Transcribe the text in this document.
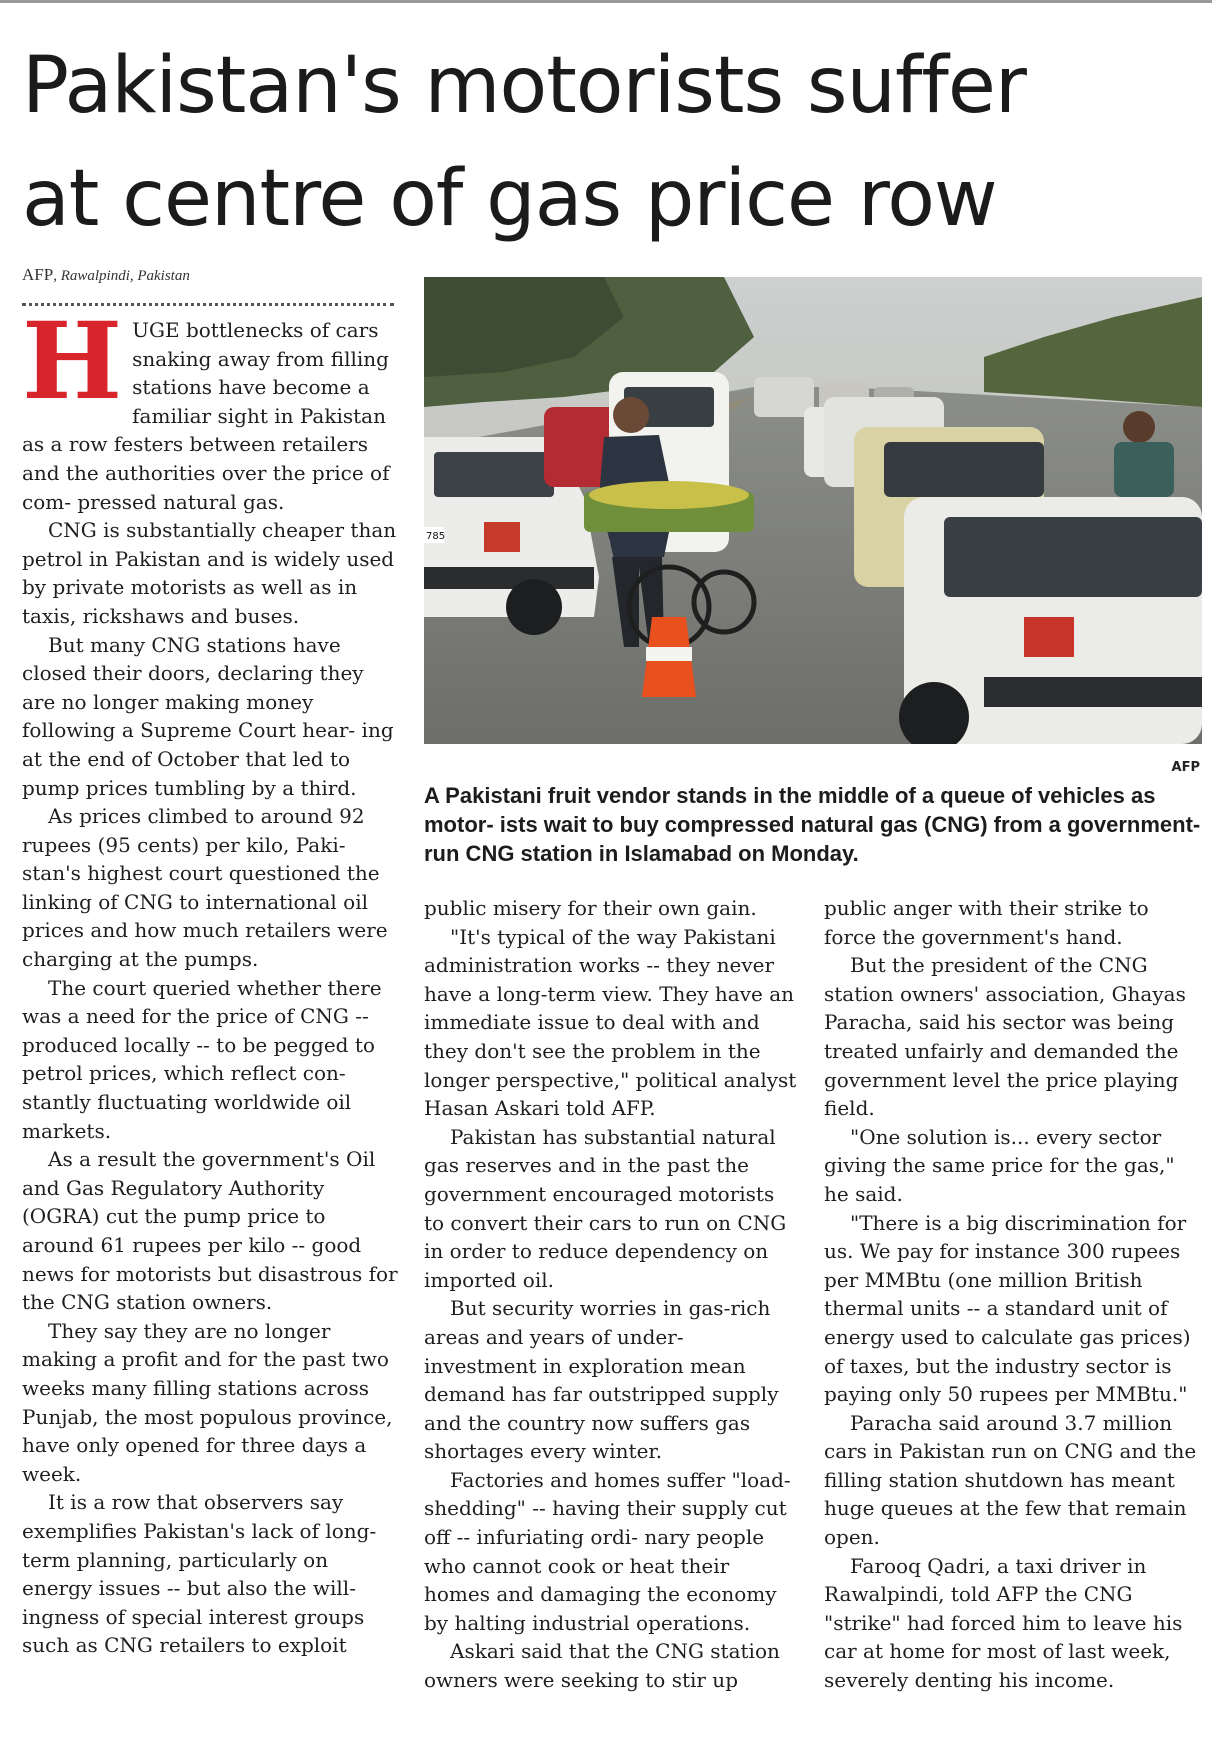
Pakistan's motorists suffer
at centre of gas price row
AFP, Rawalpindi, Pakistan

HUGE bottlenecks of cars snaking away from filling stations have become a familiar sight in Pakistan as a row festers between retailers and the authorities over the price of com- pressed natural gas.

CNG is substantially cheaper than petrol in Pakistan and is widely used by private motorists as well as in taxis, rickshaws and buses.

But many CNG stations have closed their doors, declaring they are no longer making money following a Supreme Court hear- ing at the end of October that led to pump prices tumbling by a third.

As prices climbed to around 92 rupees (95 cents) per kilo, Paki- stan's highest court questioned the linking of CNG to international oil prices and how much retailers were charging at the pumps.

The court queried whether there was a need for the price of CNG -- produced locally -- to be pegged to petrol prices, which reflect con- stantly fluctuating worldwide oil markets.

As a result the government's Oil and Gas Regulatory Authority (OGRA) cut the pump price to around 61 rupees per kilo -- good news for motorists but disastrous for the CNG station owners.

They say they are no longer making a profit and for the past two weeks many filling stations across Punjab, the most populous province, have only opened for three days a week.

It is a row that observers say exemplifies Pakistan's lack of long- term planning, particularly on energy issues -- but also the will- ingness of special interest groups such as CNG retailers to exploit

785
AFP

A Pakistani fruit vendor stands in the middle of a queue of vehicles as motor- ists wait to buy compressed natural gas (CNG) from a government-run CNG station in Islamabad on Monday.

public misery for their own gain.

"It's typical of the way Pakistani administration works -- they never have a long-term view. They have an immediate issue to deal with and they don't see the problem in the longer perspective," political analyst Hasan Askari told AFP.

Pakistan has substantial natural gas reserves and in the past the government encouraged motorists to convert their cars to run on CNG in order to reduce dependency on imported oil.

But security worries in gas-rich areas and years of under- investment in exploration mean demand has far outstripped supply and the country now suffers gas shortages every winter.

Factories and homes suffer "load-shedding" -- having their supply cut off -- infuriating ordi- nary people who cannot cook or heat their homes and damaging the economy by halting industrial operations.

Askari said that the CNG station owners were seeking to stir up

public anger with their strike to force the government's hand.

But the president of the CNG station owners' association, Ghayas Paracha, said his sector was being treated unfairly and demanded the government level the price playing field.

"One solution is... every sector giving the same price for the gas," he said.

"There is a big discrimination for us. We pay for instance 300 rupees per MMBtu (one million British thermal units -- a standard unit of energy used to calculate gas prices) of taxes, but the industry sector is paying only 50 rupees per MMBtu."

Paracha said around 3.7 million cars in Pakistan run on CNG and the filling station shutdown has meant huge queues at the few that remain open.

Farooq Qadri, a taxi driver in Rawalpindi, told AFP the CNG "strike" had forced him to leave his car at home for most of last week, severely denting his income.
